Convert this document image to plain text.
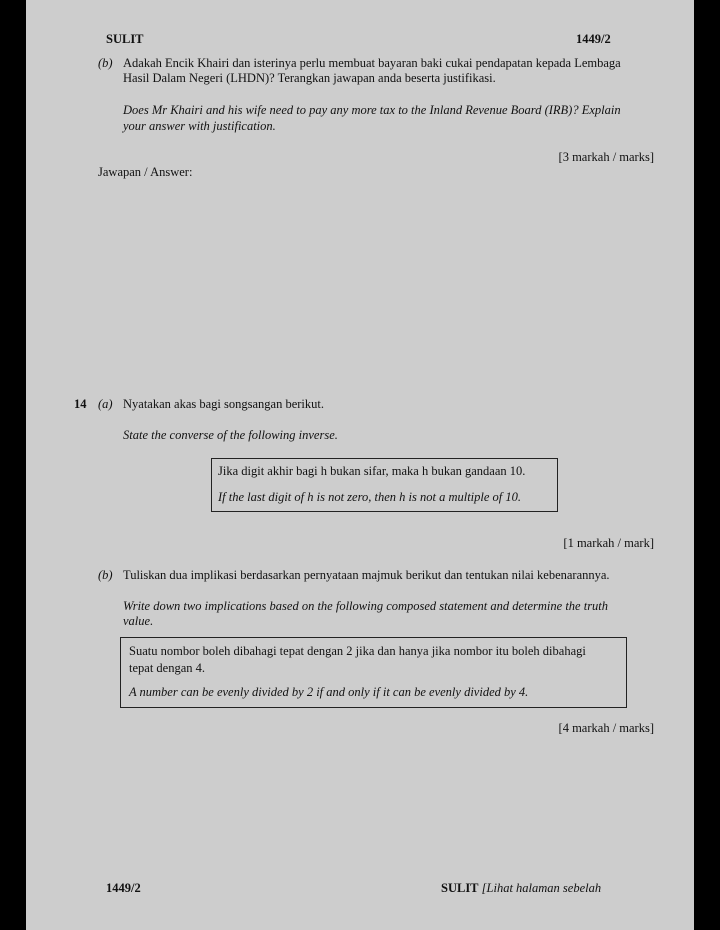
SULIT	1449/2
(b) Adakah Encik Khairi dan isterinya perlu membuat bayaran baki cukai pendapatan kepada Lembaga
Hasil Dalam Negeri (LHDN)? Terangkan jawapan anda beserta justifikasi.
Does Mr Khairi and his wife need to pay any more tax to the Inland Revenue Board (IRB)? Explain
your answer with justification.
[3 markah / marks]
Jawapan / Answer:
14 (a) Nyatakan akas bagi songsangan berikut.
State the converse of the following inverse.
Jika digit akhir bagi h bukan sifar, maka h bukan gandaan 10.
If the last digit of h is not zero, then h is not a multiple of 10.
[1 markah / mark]
(b) Tuliskan dua implikasi berdasarkan pernyataan majmuk berikut dan tentukan nilai kebenarannya.
Write down two implications based on the following composed statement and determine the truth
value.
Suatu nombor boleh dibahagi tepat dengan 2 jika dan hanya jika nombor itu boleh dibahagi
tepat dengan 4.
A number can be evenly divided by 2 if and only if it can be evenly divided by 4.
[4 markah / marks]
1449/2	SULIT [Lihat halaman sebelah
